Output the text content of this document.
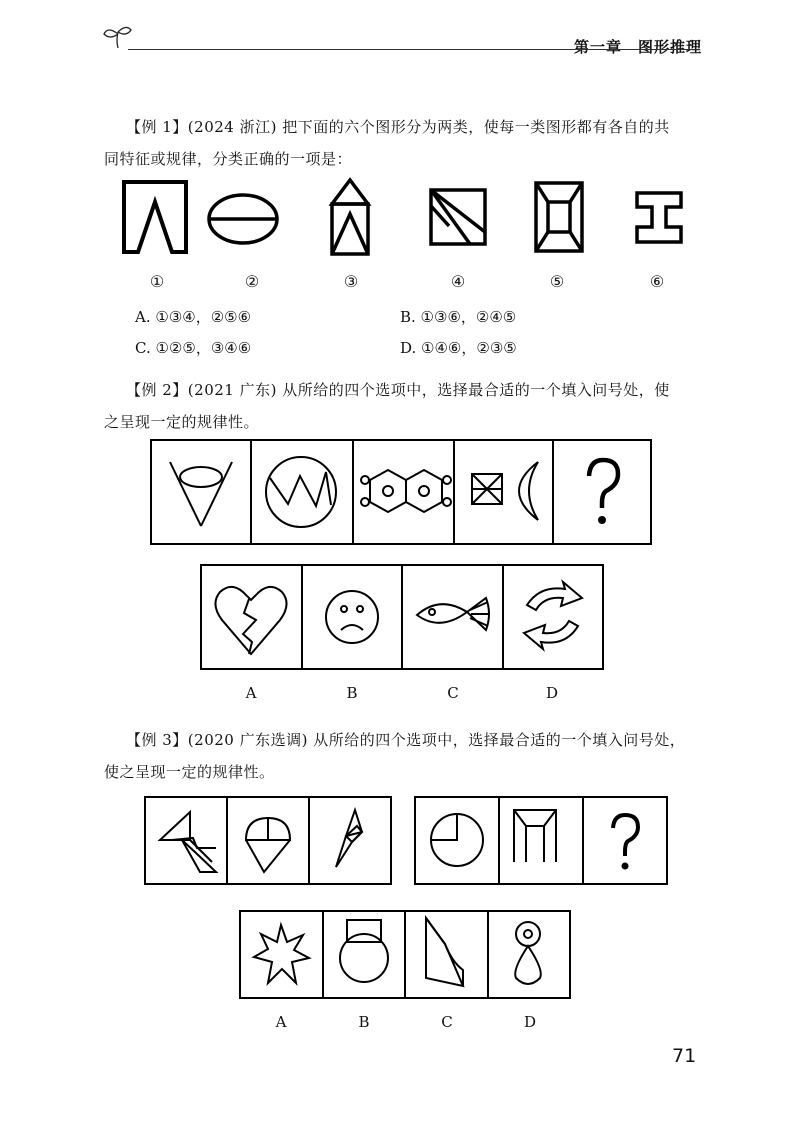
第一章　图形推理
【例 1】(2024 浙江) 把下面的六个图形分为两类，使每一类图形都有各自的共
同特征或规律，分类正确的一项是：
①	②	③	④	⑤	⑥
A. ①③④，②⑤⑥	B. ①③⑥，②④⑤
C. ①②⑤，③④⑥	D. ①④⑥，②③⑤
【例 2】(2021 广东) 从所给的四个选项中，选择最合适的一个填入问号处，使
之呈现一定的规律性。
A	B	C	D
【例 3】(2020 广东选调) 从所给的四个选项中，选择最合适的一个填入问号处，
使之呈现一定的规律性。
A	B	C	D
71
